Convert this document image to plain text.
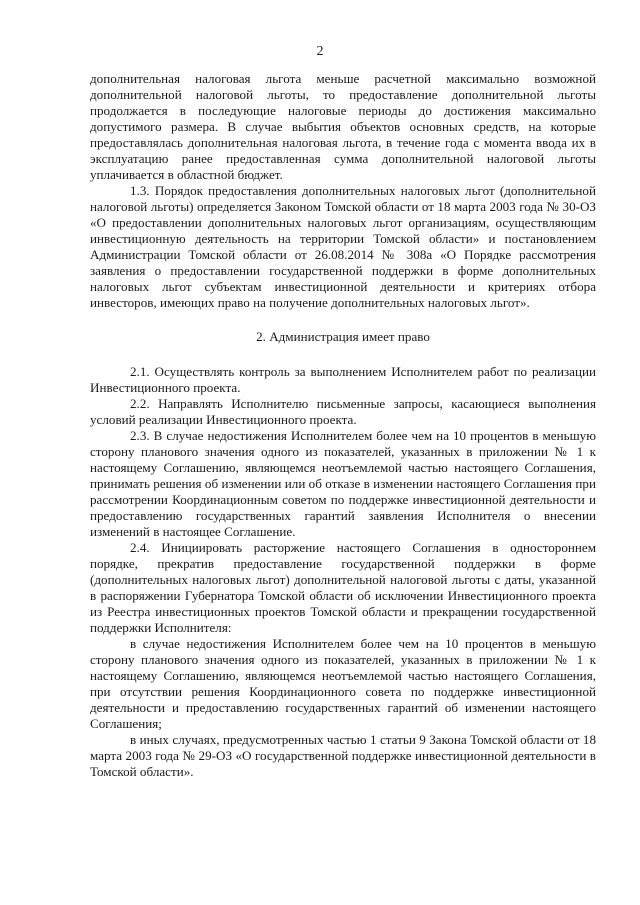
2

дополнительная налоговая льгота меньше расчетной максимально возможной дополнительной налоговой льготы, то предоставление дополнительной льготы продолжается в последующие налоговые периоды до достижения максимально допустимого размера. В случае выбытия объектов основных средств, на которые предоставлялась дополнительная налоговая льгота, в течение года с момента ввода их в эксплуатацию ранее предоставленная сумма дополнительной налоговой льготы уплачивается в областной бюджет.

1.3. Порядок предоставления дополнительных налоговых льгот (дополнительной налоговой льготы) определяется Законом Томской области от 18 марта 2003 года № 30-ОЗ «О предоставлении дополнительных налоговых льгот организациям, осуществляющим инвестиционную деятельность на территории Томской области» и постановлением Администрации Томской области от 26.08.2014 № 308а «О Порядке рассмотрения заявления о предоставлении государственной поддержки в форме дополнительных налоговых льгот субъектам инвестиционной деятельности и критериях отбора инвесторов, имеющих право на получение дополнительных налоговых льгот».

2. Администрация имеет право

2.1. Осуществлять контроль за выполнением Исполнителем работ по реализации Инвестиционного проекта.

2.2. Направлять Исполнителю письменные запросы, касающиеся выполнения условий реализации Инвестиционного проекта.

2.3. В случае недостижения Исполнителем более чем на 10 процентов в меньшую сторону планового значения одного из показателей, указанных в приложении № 1 к настоящему Соглашению, являющемся неотъемлемой частью настоящего Соглашения, принимать решения об изменении или об отказе в изменении настоящего Соглашения при рассмотрении Координационным советом по поддержке инвестиционной деятельности и предоставлению государственных гарантий заявления Исполнителя о внесении изменений в настоящее Соглашение.

2.4. Инициировать расторжение настоящего Соглашения в одностороннем порядке, прекратив предоставление государственной поддержки в форме (дополнительных налоговых льгот) дополнительной налоговой льготы с даты, указанной в распоряжении Губернатора Томской области об исключении Инвестиционного проекта из Реестра инвестиционных проектов Томской области и прекращении государственной поддержки Исполнителя:

в случае недостижения Исполнителем более чем на 10 процентов в меньшую сторону планового значения одного из показателей, указанных в приложении № 1 к настоящему Соглашению, являющемся неотъемлемой частью настоящего Соглашения, при отсутствии решения Координационного совета по поддержке инвестиционной деятельности и предоставлению государственных гарантий об изменении настоящего Соглашения;

в иных случаях, предусмотренных частью 1 статьи 9 Закона Томской области от 18 марта 2003 года № 29-ОЗ «О государственной поддержке инвестиционной деятельности в Томской области».
